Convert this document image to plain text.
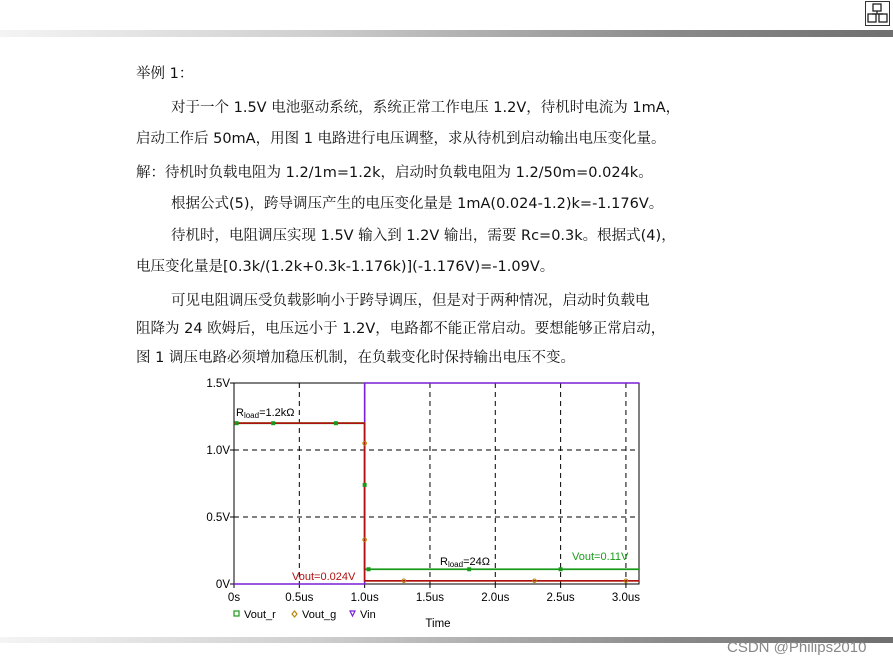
举例 1：

对于一个 1.5V 电池驱动系统，系统正常工作电压 1.2V，待机时电流为 1mA，

启动工作后 50mA，用图 1 电路进行电压调整，求从待机到启动输出电压变化量。

解：待机时负载电阻为 1.2/1m=1.2k，启动时负载电阻为 1.2/50m=0.024k。

根据公式(5)，跨导调压产生的电压变化量是 1mA(0.024-1.2)k=-1.176V。

待机时，电阻调压实现 1.5V 输入到 1.2V 输出，需要 Rc=0.3k。根据式(4)，

电压变化量是[0.3k/(1.2k+0.3k-1.176k)](-1.176V)=-1.09V。

可见电阻调压受负载影响小于跨导调压，但是对于两种情况，启动时负载电

阻降为 24 欧姆后，电压远小于 1.2V，电路都不能正常启动。要想能够正常启动，

图 1 调压电路必须增加稳压机制，在负载变化时保持输出电压不变。

0V
0.5V
1.0V
1.5V
0s	0.5us	1.0us	1.5us	2.0us	2.5us	3.0us
Rload=1.2kΩ
Rload=24Ω	Vout=0.11V
Vout=0.024V
Vout_r Vout_g Vin
Time
CSDN @Philips2010
